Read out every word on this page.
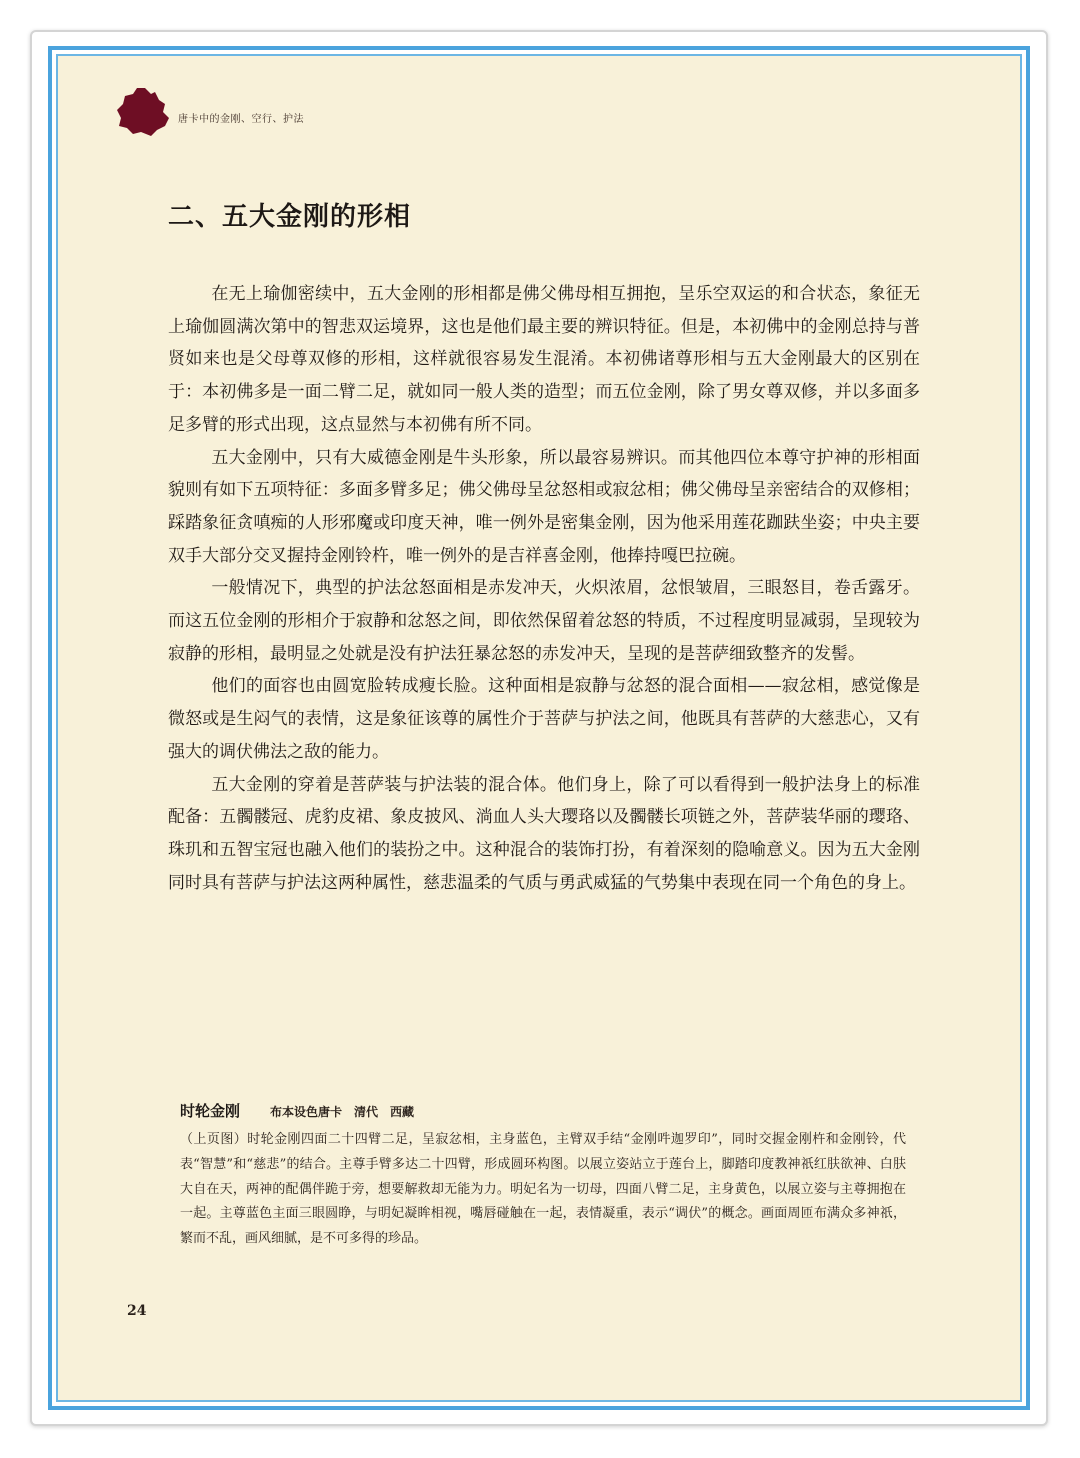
唐卡中的金刚、空行、护法
二、五大金刚的形相

在无上瑜伽密续中，五大金刚的形相都是佛父佛母相互拥抱，呈乐空双运的和合状态，象征无上瑜伽圆满次第中的智悲双运境界，这也是他们最主要的辨识特征。但是，本初佛中的金刚总持与普贤如来也是父母尊双修的形相，这样就很容易发生混淆。本初佛诸尊形相与五大金刚最大的区别在于：本初佛多是一面二臂二足，就如同一般人类的造型；而五位金刚，除了男女尊双修，并以多面多足多臂的形式出现，这点显然与本初佛有所不同。

五大金刚中，只有大威德金刚是牛头形象，所以最容易辨识。而其他四位本尊守护神的形相面貌则有如下五项特征：多面多臂多足；佛父佛母呈忿怒相或寂忿相；佛父佛母呈亲密结合的双修相；踩踏象征贪嗔痴的人形邪魔或印度天神，唯一例外是密集金刚，因为他采用莲花跏趺坐姿；中央主要双手大部分交叉握持金刚铃杵，唯一例外的是吉祥喜金刚，他捧持嘎巴拉碗。

一般情况下，典型的护法忿怒面相是赤发冲天，火炽浓眉，忿恨皱眉，三眼怒目，卷舌露牙。而这五位金刚的形相介于寂静和忿怒之间，即依然保留着忿怒的特质，不过程度明显减弱，呈现较为寂静的形相，最明显之处就是没有护法狂暴忿怒的赤发冲天，呈现的是菩萨细致整齐的发髻。

他们的面容也由圆宽脸转成瘦长脸。这种面相是寂静与忿怒的混合面相——寂忿相，感觉像是微怒或是生闷气的表情，这是象征该尊的属性介于菩萨与护法之间，他既具有菩萨的大慈悲心，又有强大的调伏佛法之敌的能力。

五大金刚的穿着是菩萨装与护法装的混合体。他们身上，除了可以看得到一般护法身上的标准配备：五髑髅冠、虎豹皮裙、象皮披风、淌血人头大璎珞以及髑髅长项链之外，菩萨装华丽的璎珞、珠玑和五智宝冠也融入他们的装扮之中。这种混合的装饰打扮，有着深刻的隐喻意义。因为五大金刚同时具有菩萨与护法这两种属性，慈悲温柔的气质与勇武威猛的气势集中表现在同一个角色的身上。

时轮金刚 布本设色唐卡　清代　西藏
（上页图）时轮金刚四面二十四臂二足，呈寂忿相，主身蓝色，主臂双手结“金刚吽迦罗印”，同时交握金刚杵和金刚铃，代表“智慧”和“慈悲”的结合。主尊手臂多达二十四臂，形成圆环构图。以展立姿站立于莲台上，脚踏印度教神祇红肤欲神、白肤大自在天，两神的配偶伴跪于旁，想要解救却无能为力。明妃名为一切母，四面八臂二足，主身黄色，以展立姿与主尊拥抱在一起。主尊蓝色主面三眼圆睁，与明妃凝眸相视，嘴唇碰触在一起，表情凝重，表示“调伏”的概念。画面周匝布满众多神祇，繁而不乱，画风细腻，是不可多得的珍品。
24
